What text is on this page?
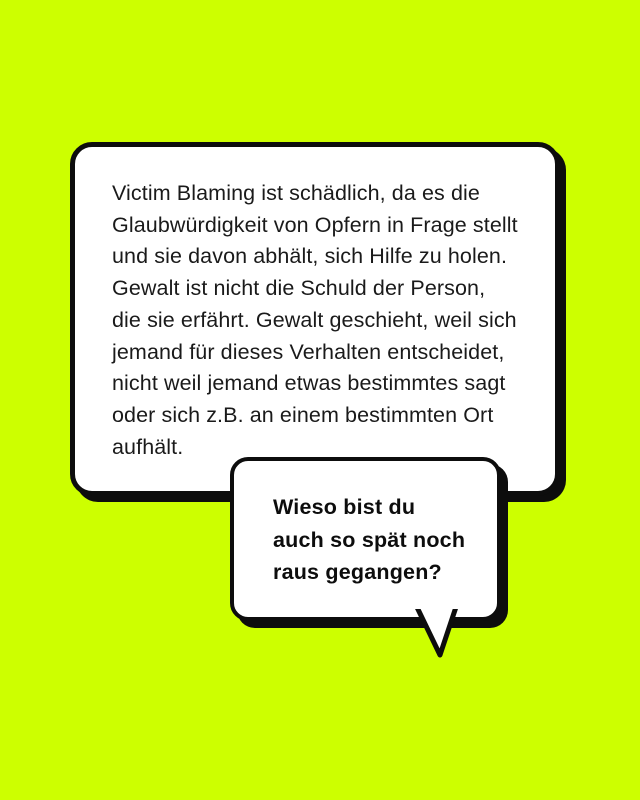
Victim Blaming ist schädlich, da es die
Glaubwürdigkeit von Opfern in Frage stellt
und sie davon abhält, sich Hilfe zu holen.
Gewalt ist nicht die Schuld der Person,
die sie erfährt. Gewalt geschieht, weil sich
jemand für dieses Verhalten entscheidet,
nicht weil jemand etwas bestimmtes sagt
oder sich z.B. an einem bestimmten Ort
aufhält.
Wieso bist du
auch so spät noch
raus gegangen?
